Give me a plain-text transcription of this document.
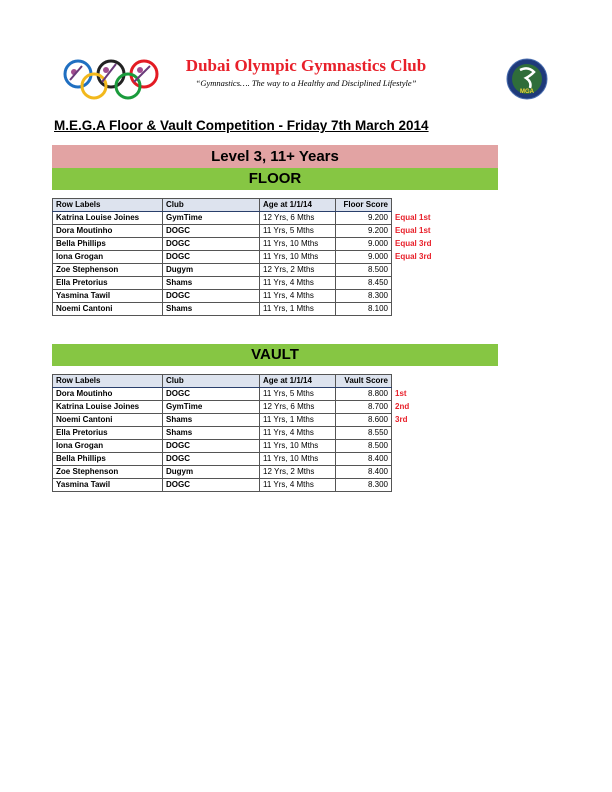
Dubai Olympic Gymnastics Club
“Gymnastics…. The way to a Healthy and Disciplined Lifestyle”
MGA
M.E.G.A Floor & Vault Competition - Friday 7th March 2014
Level 3, 11+ Years
FLOOR
Row Labels	Club	Age at 1/1/14	Floor Score	
Katrina Louise Joines	GymTime	12 Yrs, 6 Mths	9.200	Equal 1st
Dora Moutinho	DOGC	11 Yrs, 5 Mths	9.200	Equal 1st
Bella Phillips	DOGC	11 Yrs, 10 Mths	9.000	Equal 3rd
Iona Grogan	DOGC	11 Yrs, 10 Mths	9.000	Equal 3rd
Zoe Stephenson	Dugym	12 Yrs, 2 Mths	8.500	
Ella Pretorius	Shams	11 Yrs, 4 Mths	8.450	
Yasmina Tawil	DOGC	11 Yrs, 4 Mths	8.300	
Noemi Cantoni	Shams	11 Yrs, 1 Mths	8.100	
VAULT
Row Labels	Club	Age at 1/1/14	Vault Score	
Dora Moutinho	DOGC	11 Yrs, 5 Mths	8.800	1st
Katrina Louise Joines	GymTime	12 Yrs, 6 Mths	8.700	2nd
Noemi Cantoni	Shams	11 Yrs, 1 Mths	8.600	3rd
Ella Pretorius	Shams	11 Yrs, 4 Mths	8.550	
Iona Grogan	DOGC	11 Yrs, 10 Mths	8.500	
Bella Phillips	DOGC	11 Yrs, 10 Mths	8.400	
Zoe Stephenson	Dugym	12 Yrs, 2 Mths	8.400	
Yasmina Tawil	DOGC	11 Yrs, 4 Mths	8.300	
